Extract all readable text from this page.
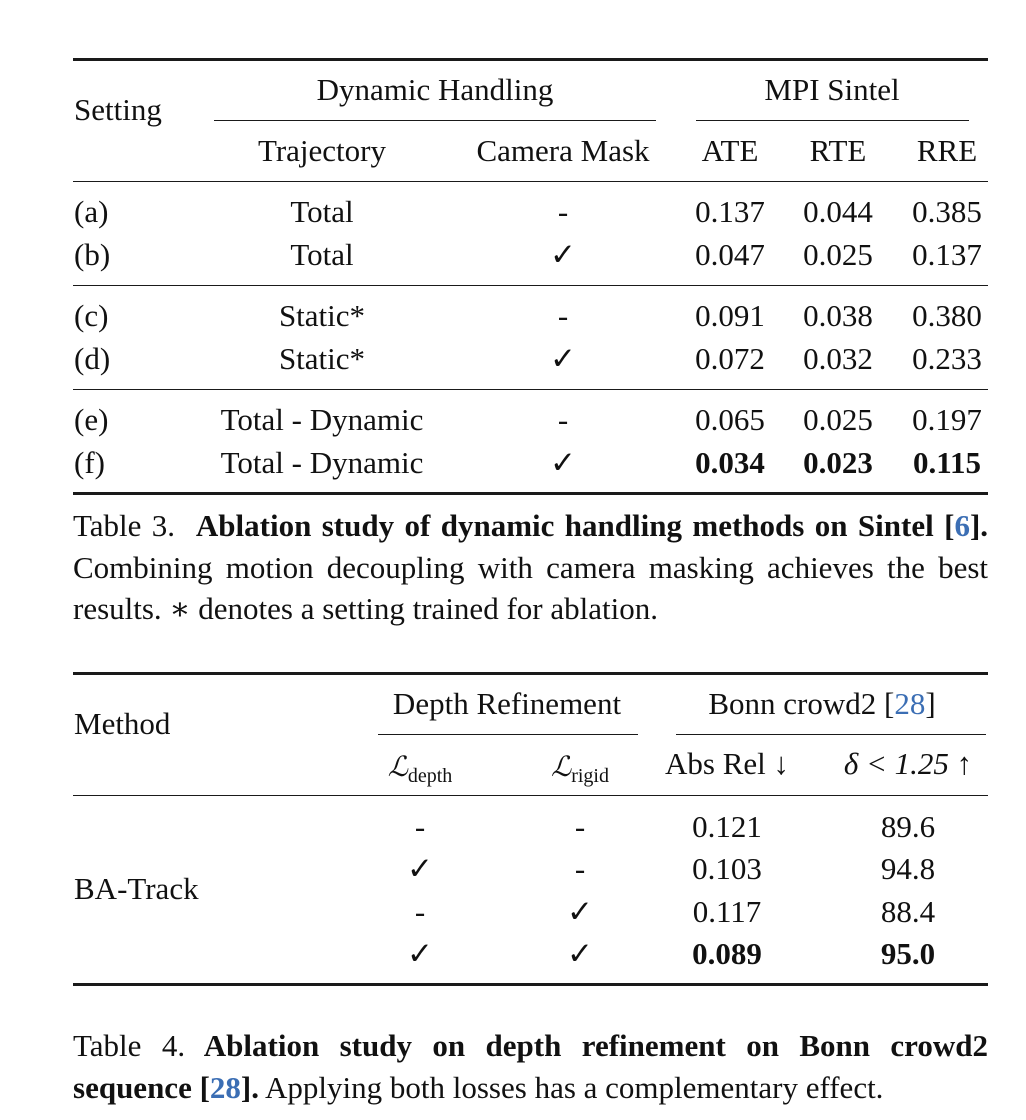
Setting
Dynamic Handling	MPI Sintel
Trajectory	Camera Mask ATE RTE RRE
(a)	Total	-	0.137 0.044 0.385
(b)	Total	✓	0.047 0.025 0.137
(c)	Static*	-	0.091 0.038 0.380
(d)	Static*	✓	0.072 0.032 0.233
(e)	Total - Dynamic	-	0.065 0.025 0.197
(f)	Total - Dynamic	✓	0.034 0.023 0.115
Table 3. Ablation study of dynamic handling methods on Sintel [6]. Combining motion decoupling with camera masking achieves the best results. ∗ denotes a setting trained for ablation.
Method
Depth Refinement	Bonn crowd2 [28]
ℒ$_{depth}$	ℒ$_{rigid}$ Abs Rel ↓ δ < 1.25 ↑
BA-Track
-	-	0.121	89.6
✓	-	0.103	94.8
-	✓	0.117	88.4
✓	✓	0.089	95.0
Table 4. Ablation study on depth refinement on Bonn crowd2 sequence [28]. Applying both losses has a complementary effect.
